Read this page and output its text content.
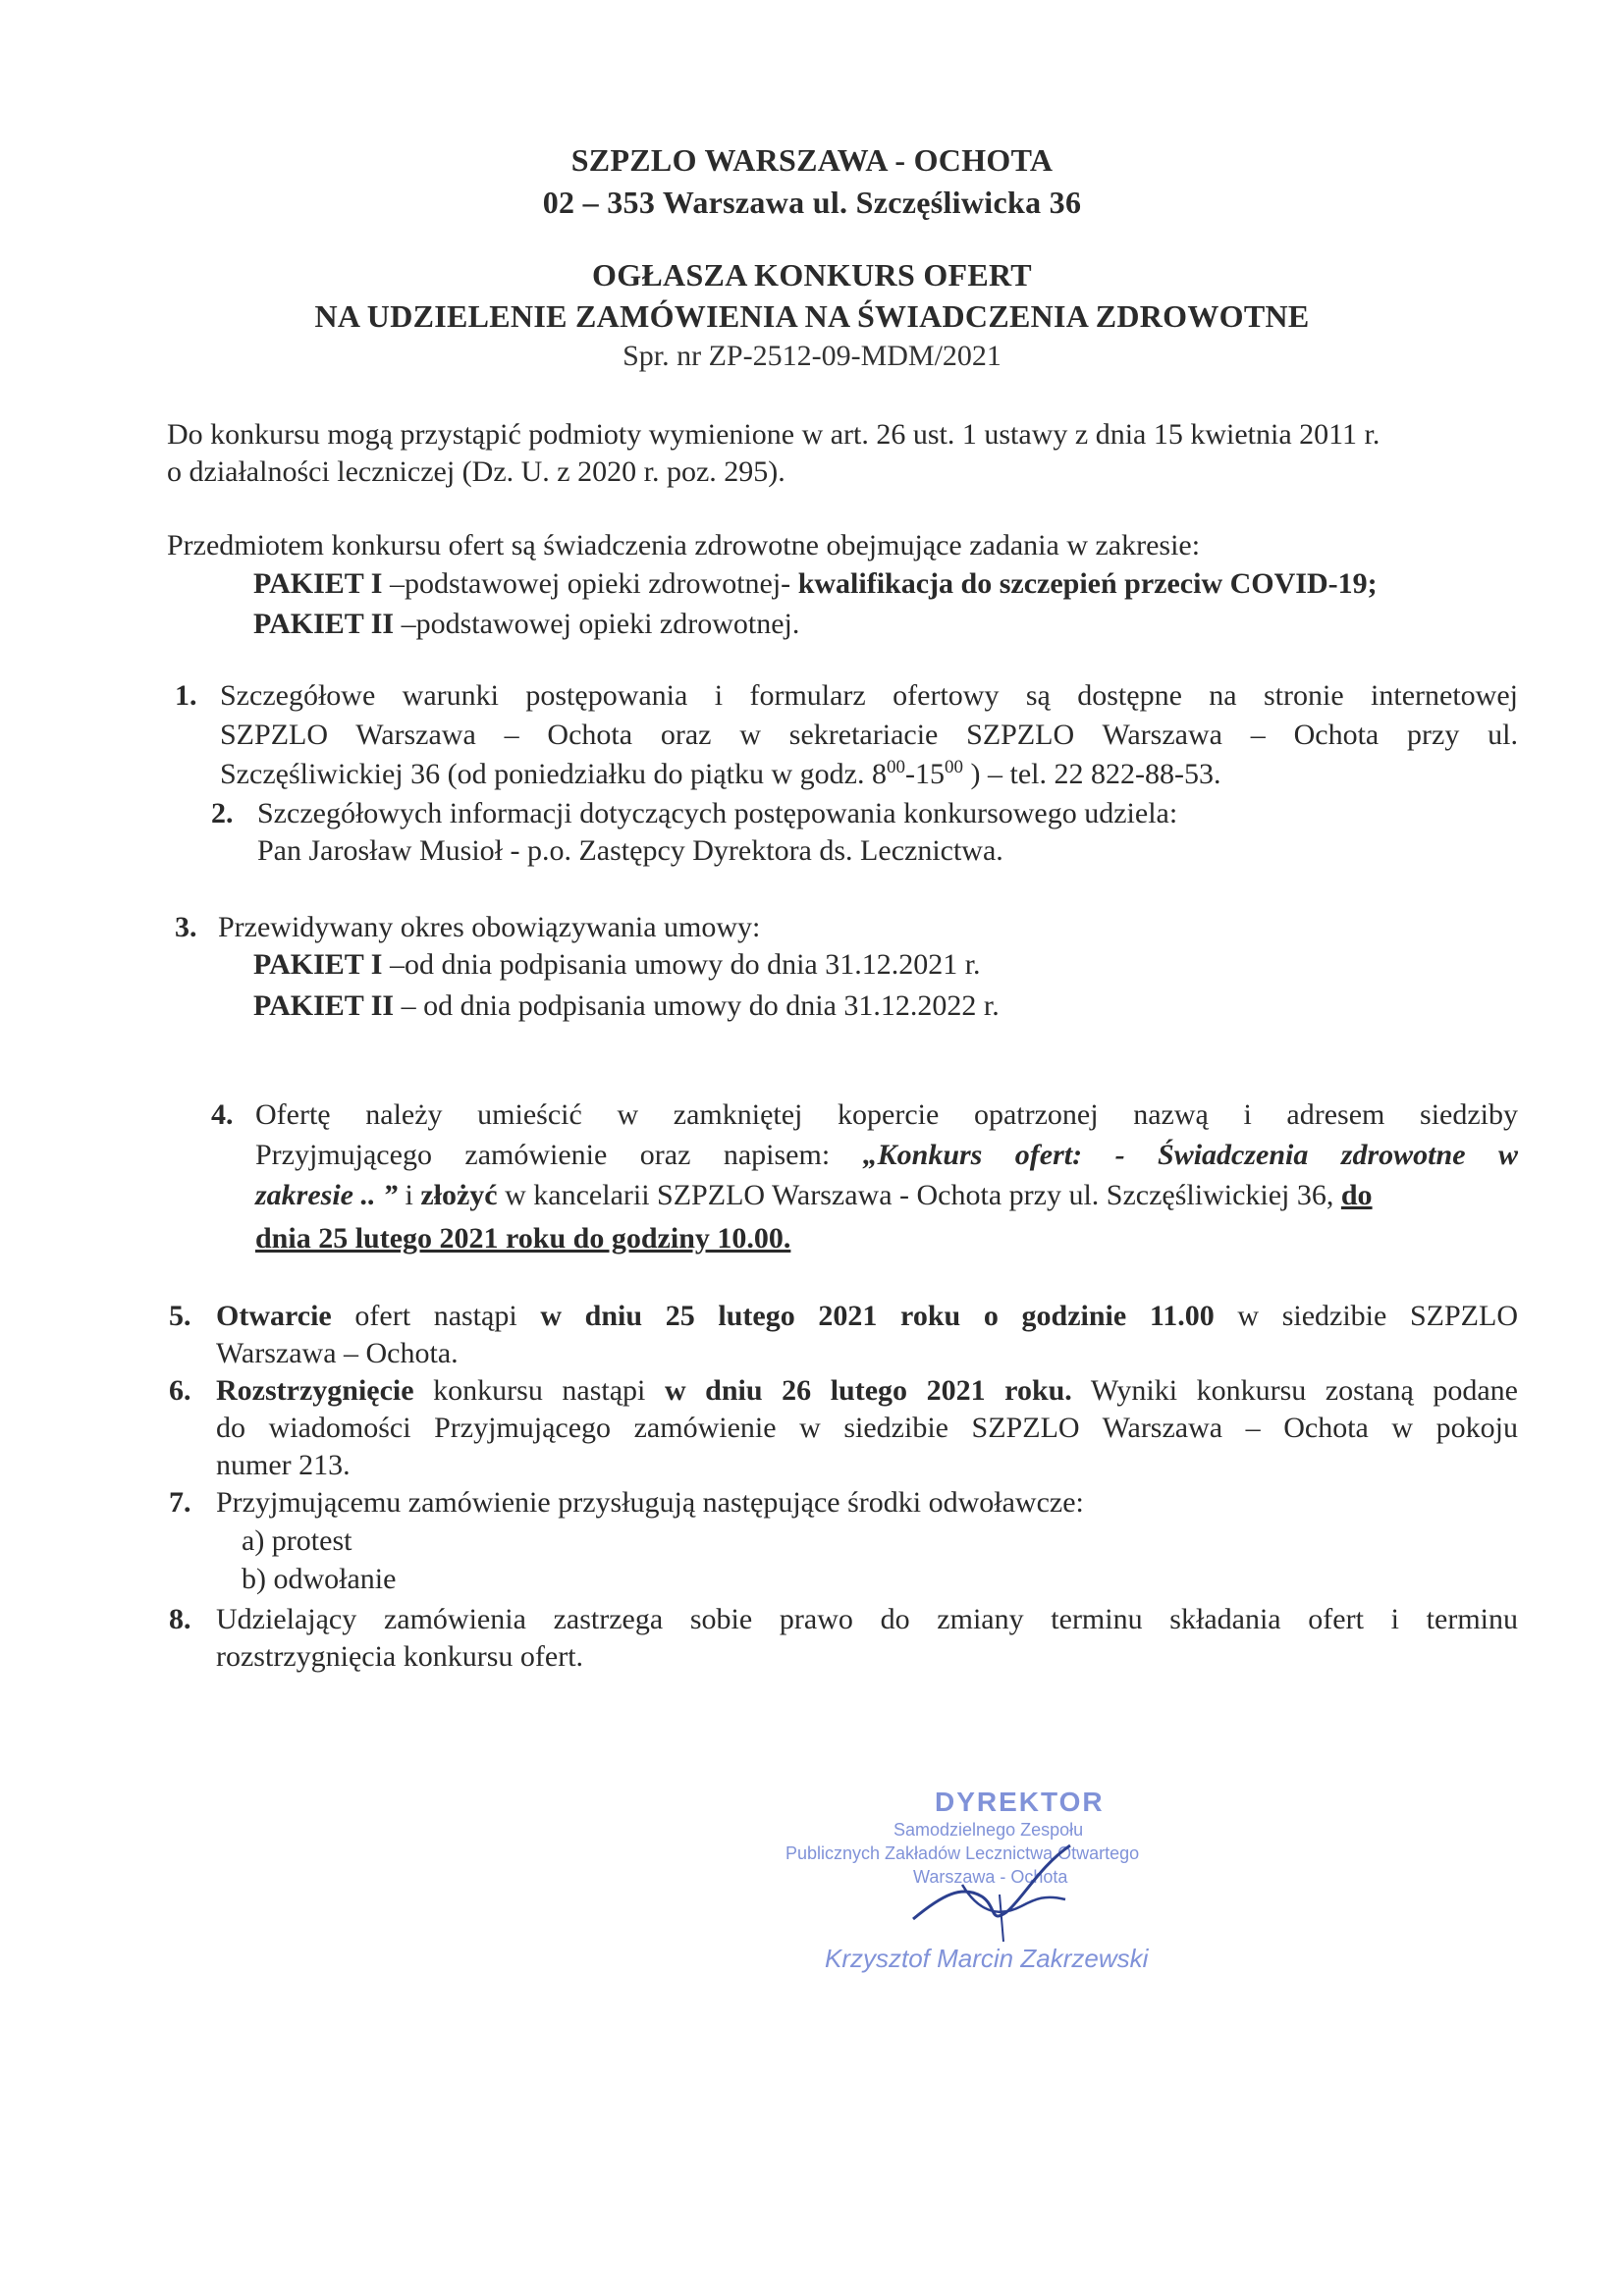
SZPZLO WARSZAWA - OCHOTA
02 – 353 Warszawa ul. Szczęśliwicka 36
OGŁASZA KONKURS OFERT
NA UDZIELENIE ZAMÓWIENIA NA ŚWIADCZENIA ZDROWOTNE
Spr. nr ZP-2512-09-MDM/2021
Do konkursu mogą przystąpić podmioty wymienione w art. 26 ust. 1 ustawy z dnia 15 kwietnia 2011 r.
o działalności leczniczej (Dz. U. z 2020 r. poz. 295).
Przedmiotem konkursu ofert są świadczenia zdrowotne obejmujące zadania w zakresie:
PAKIET I –podstawowej opieki zdrowotnej- kwalifikacja do szczepień przeciw COVID-19;
PAKIET II –podstawowej opieki zdrowotnej.
1. Szczegółowe warunki postępowania i formularz ofertowy są dostępne na stronie internetowej
SZPZLO Warszawa – Ochota oraz w sekretariacie SZPZLO Warszawa – Ochota przy ul.
Szczęśliwickiej 36 (od poniedziałku do piątku w godz. $8^{00}-15^{00}$ ) – tel. 22 822-88-53.
2. Szczegółowych informacji dotyczących postępowania konkursowego udziela:
Pan Jarosław Musioł - p.o. Zastępcy Dyrektora ds. Lecznictwa.
3. Przewidywany okres obowiązywania umowy:
PAKIET I –od dnia podpisania umowy do dnia 31.12.2021 r.
PAKIET II – od dnia podpisania umowy do dnia 31.12.2022 r.
4. Ofertę należy umieścić w zamkniętej kopercie opatrzonej nazwą i adresem siedziby
Przyjmującego zamówienie oraz napisem: „Konkurs ofert: - Świadczenia zdrowotne w
zakresie .. ” i złożyć w kancelarii SZPZLO Warszawa - Ochota przy ul. Szczęśliwickiej 36, do
dnia 25 lutego 2021 roku do godziny 10.00.
5. Otwarcie ofert nastąpi w dniu 25 lutego 2021 roku o godzinie 11.00 w siedzibie SZPZLO
Warszawa – Ochota.
6. Rozstrzygnięcie konkursu nastąpi w dniu 26 lutego 2021 roku. Wyniki konkursu zostaną podane
do wiadomości Przyjmującego zamówienie w siedzibie SZPZLO Warszawa – Ochota w pokoju
numer 213.
7. Przyjmującemu zamówienie przysługują następujące środki odwoławcze:
a) protest
b) odwołanie
8. Udzielający zamówienia zastrzega sobie prawo do zmiany terminu składania ofert i terminu
rozstrzygnięcia konkursu ofert.
DYREKTOR
Samodzielnego Zespołu
Publicznych Zakładów Lecznictwa Otwartego
Warszawa - Ochota
Krzysztof Marcin Zakrzewski
